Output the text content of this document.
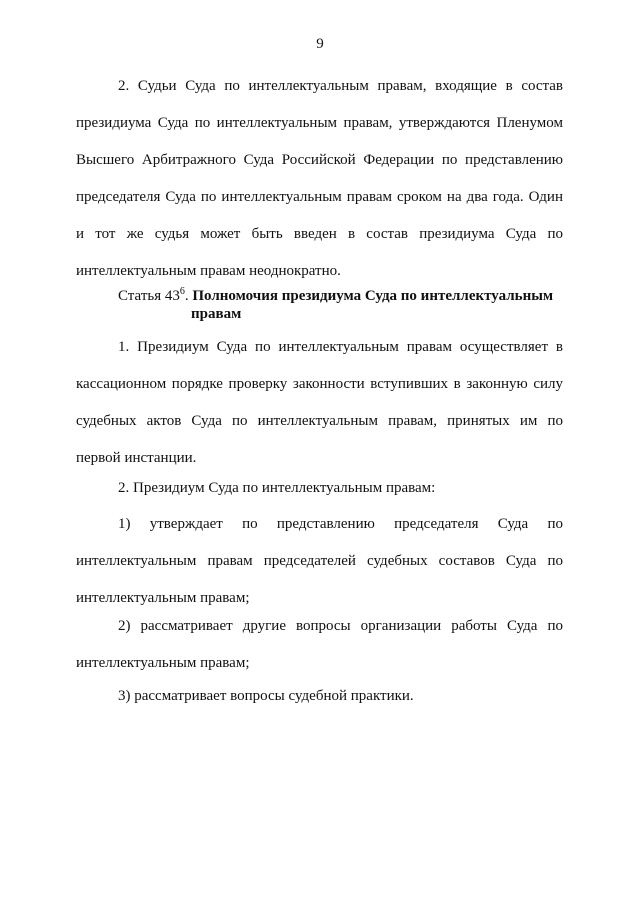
9
2. Судьи Суда по интеллектуальным правам, входящие в состав
президиума Суда по интеллектуальным правам, утверждаются Пленумом
Высшего Арбитражного Суда Российской Федерации по представлению
председателя Суда по интеллектуальным правам сроком на два года. Один
и тот же судья может быть введен в состав президиума Суда по
интеллектуальным правам неоднократно.
Статья $43^6$. Полномочия президиума Суда по интеллектуальным
правам
1. Президиум Суда по интеллектуальным правам осуществляет в
кассационном порядке проверку законности вступивших в законную силу
судебных актов Суда по интеллектуальным правам, принятых им по
первой инстанции.
2. Президиум Суда по интеллектуальным правам:
1) утверждает по представлению председателя Суда по
интеллектуальным правам председателей судебных составов Суда по
интеллектуальным правам;
2) рассматривает другие вопросы организации работы Суда по
интеллектуальным правам;
3) рассматривает вопросы судебной практики.
